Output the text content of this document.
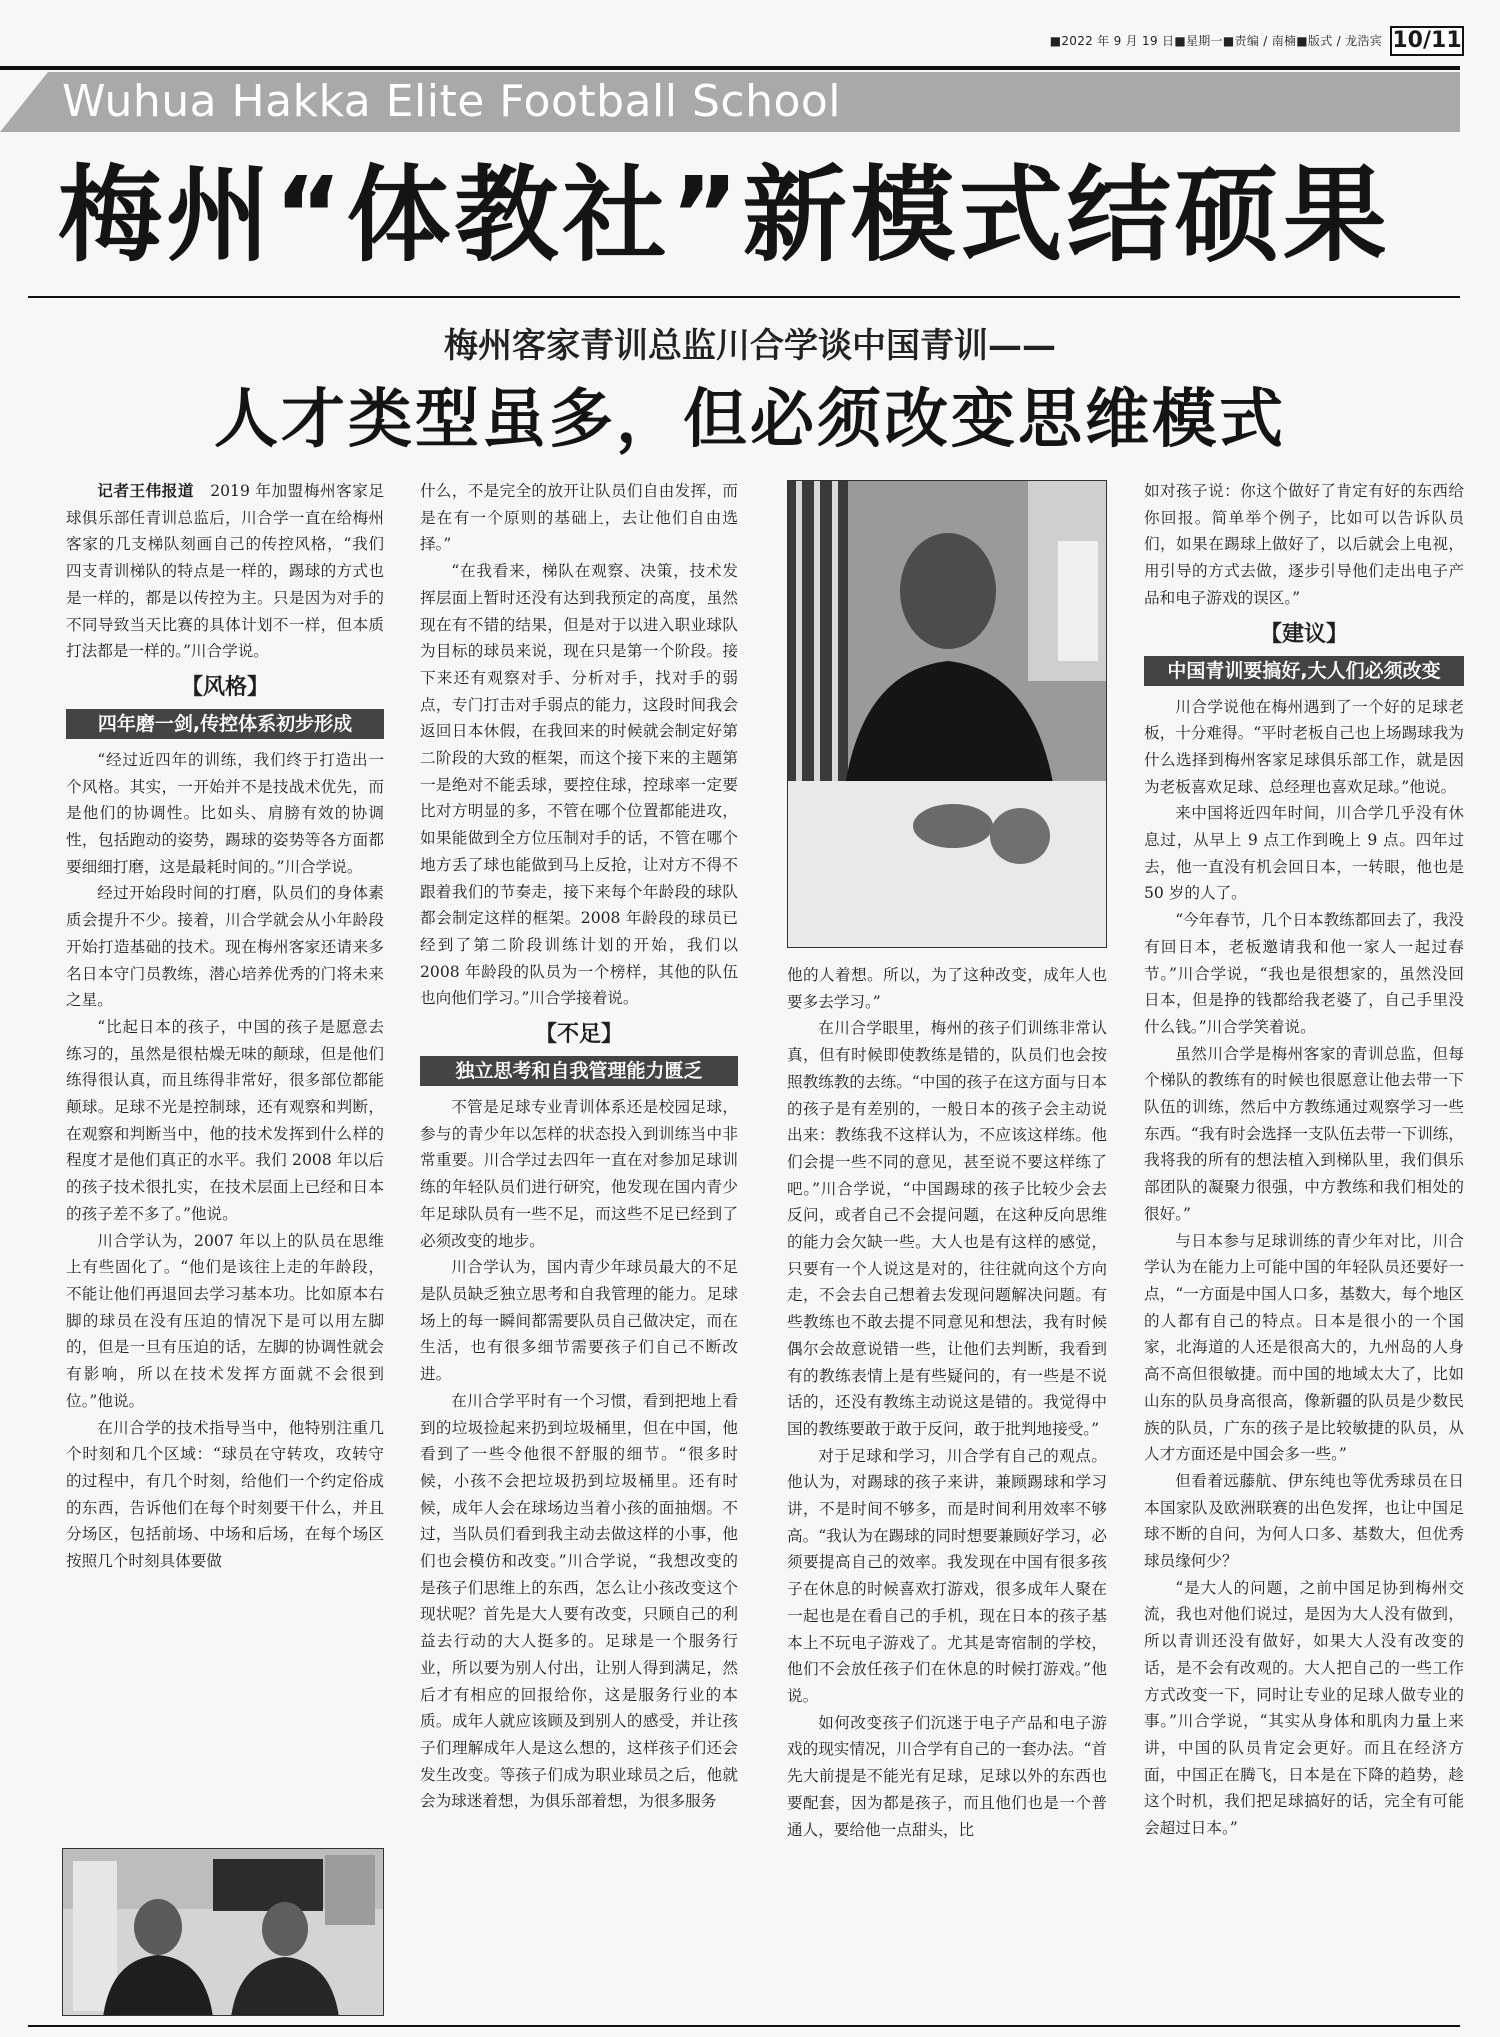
■2022 年 9 月 19 日■星期一■责编 / 南楠■版式 / 龙浩宾 10/11
Wuhua Hakka Elite Football School
梅州“体教社”新模式结硕果
梅州客家青训总监川合学谈中国青训——
人才类型虽多，但必须改变思维模式

记者王伟报道　 2019 年加盟梅州客家足球俱乐部任青训总监后，川合学一直在给梅州客家的几支梯队刻画自己的传控风格，“我们四支青训梯队的特点是一样的，踢球的方式也是一样的，都是以传控为主。只是因为对手的不同导致当天比赛的具体计划不一样，但本质打法都是一样的。”川合学说。

【风格】
四年磨一剑,传控体系初步形成

“经过近四年的训练，我们终于打造出一个风格。其实，一开始并不是技战术优先，而是他们的协调性。比如头、肩膀有效的协调性，包括跑动的姿势，踢球的姿势等各方面都要细细打磨，这是最耗时间的。”川合学说。

经过开始段时间的打磨，队员们的身体素质会提升不少。接着，川合学就会从小年龄段开始打造基础的技术。现在梅州客家还请来多名日本守门员教练，潜心培养优秀的门将未来之星。

“比起日本的孩子，中国的孩子是愿意去练习的，虽然是很枯燥无味的颠球，但是他们练得很认真，而且练得非常好，很多部位都能颠球。足球不光是控制球，还有观察和判断，在观察和判断当中，他的技术发挥到什么样的程度才是他们真正的水平。我们 2008 年以后的孩子技术很扎实，在技术层面上已经和日本的孩子差不多了。”他说。

川合学认为，2007 年以上的队员在思维上有些固化了。“他们是该往上走的年龄段，不能让他们再退回去学习基本功。比如原本右脚的球员在没有压迫的情况下是可以用左脚的，但是一旦有压迫的话，左脚的协调性就会有影响，所以在技术发挥方面就不会很到位。”他说。

在川合学的技术指导当中，他特别注重几个时刻和几个区域：“球员在守转攻，攻转守的过程中，有几个时刻，给他们一个约定俗成的东西，告诉他们在每个时刻要干什么，并且分场区，包括前场、中场和后场，在每个场区按照几个时刻具体要做

什么，不是完全的放开让队员们自由发挥，而是在有一个原则的基础上，去让他们自由选择。”

“在我看来，梯队在观察、决策，技术发挥层面上暂时还没有达到我预定的高度，虽然现在有不错的结果，但是对于以进入职业球队为目标的球员来说，现在只是第一个阶段。接下来还有观察对手、分析对手，找对手的弱点，专门打击对手弱点的能力，这段时间我会返回日本休假，在我回来的时候就会制定好第二阶段的大致的框架，而这个接下来的主题第一是绝对不能丢球，要控住球，控球率一定要比对方明显的多，不管在哪个位置都能进攻，如果能做到全方位压制对手的话，不管在哪个地方丢了球也能做到马上反抢，让对方不得不跟着我们的节奏走，接下来每个年龄段的球队都会制定这样的框架。2008 年龄段的球员已经到了第二阶段训练计划的开始，我们以 2008 年龄段的队员为一个榜样，其他的队伍也向他们学习。”川合学接着说。

【不足】
独立思考和自我管理能力匮乏

不管是足球专业青训体系还是校园足球，参与的青少年以怎样的状态投入到训练当中非常重要。川合学过去四年一直在对参加足球训练的年轻队员们进行研究，他发现在国内青少年足球队员有一些不足，而这些不足已经到了必须改变的地步。

川合学认为，国内青少年球员最大的不足是队员缺乏独立思考和自我管理的能力。足球场上的每一瞬间都需要队员自己做决定，而在生活，也有很多细节需要孩子们自己不断改进。

在川合学平时有一个习惯，看到把地上看到的垃圾捡起来扔到垃圾桶里，但在中国，他看到了一些令他很不舒服的细节。“很多时候，小孩不会把垃圾扔到垃圾桶里。还有时候，成年人会在球场边当着小孩的面抽烟。不过，当队员们看到我主动去做这样的小事，他们也会模仿和改变。”川合学说，“我想改变的是孩子们思维上的东西，怎么让小孩改变这个现状呢？首先是大人要有改变，只顾自己的利益去行动的大人挺多的。足球是一个服务行业，所以要为别人付出，让别人得到满足，然后才有相应的回报给你，这是服务行业的本质。成年人就应该顾及到别人的感受，并让孩子们理解成年人是这么想的，这样孩子们还会发生改变。等孩子们成为职业球员之后，他就会为球迷着想，为俱乐部着想，为很多服务

他的人着想。所以，为了这种改变，成年人也要多去学习。”

在川合学眼里，梅州的孩子们训练非常认真，但有时候即使教练是错的，队员们也会按照教练教的去练。“中国的孩子在这方面与日本的孩子是有差别的，一般日本的孩子会主动说出来：教练我不这样认为，不应该这样练。他们会提一些不同的意见，甚至说不要这样练了吧。”川合学说，“中国踢球的孩子比较少会去反问，或者自己不会提问题，在这种反向思维的能力会欠缺一些。大人也是有这样的感觉，只要有一个人说这是对的，往往就向这个方向走，不会去自己想着去发现问题解决问题。有些教练也不敢去提不同意见和想法，我有时候偶尔会故意说错一些，让他们去判断，我看到有的教练表情上是有些疑问的，有一些是不说话的，还没有教练主动说这是错的。我觉得中国的教练要敢于敢于反问，敢于批判地接受。”

对于足球和学习，川合学有自己的观点。他认为，对踢球的孩子来讲，兼顾踢球和学习讲，不是时间不够多，而是时间利用效率不够高。“我认为在踢球的同时想要兼顾好学习，必须要提高自己的效率。我发现在中国有很多孩子在休息的时候喜欢打游戏，很多成年人聚在一起也是在看自己的手机，现在日本的孩子基本上不玩电子游戏了。尤其是寄宿制的学校，他们不会放任孩子们在休息的时候打游戏。”他说。

如何改变孩子们沉迷于电子产品和电子游戏的现实情况，川合学有自己的一套办法。“首先大前提是不能光有足球，足球以外的东西也要配套，因为都是孩子，而且他们也是一个普通人，要给他一点甜头，比

如对孩子说：你这个做好了肯定有好的东西给你回报。简单举个例子，比如可以告诉队员们，如果在踢球上做好了，以后就会上电视，用引导的方式去做，逐步引导他们走出电子产品和电子游戏的误区。”

【建议】
中国青训要搞好,大人们必须改变

川合学说他在梅州遇到了一个好的足球老板，十分难得。“平时老板自己也上场踢球我为什么选择到梅州客家足球俱乐部工作，就是因为老板喜欢足球、总经理也喜欢足球。”他说。

来中国将近四年时间，川合学几乎没有休息过，从早上 9 点工作到晚上 9 点。四年过去，他一直没有机会回日本，一转眼，他也是 50 岁的人了。

“今年春节，几个日本教练都回去了，我没有回日本，老板邀请我和他一家人一起过春节。”川合学说，“我也是很想家的，虽然没回日本，但是挣的钱都给我老婆了，自己手里没什么钱。”川合学笑着说。

虽然川合学是梅州客家的青训总监，但每个梯队的教练有的时候也很愿意让他去带一下队伍的训练，然后中方教练通过观察学习一些东西。“我有时会选择一支队伍去带一下训练，我将我的所有的想法植入到梯队里，我们俱乐部团队的凝聚力很强，中方教练和我们相处的很好。”

与日本参与足球训练的青少年对比，川合学认为在能力上可能中国的年轻队员还要好一点，“一方面是中国人口多，基数大，每个地区的人都有自己的特点。日本是很小的一个国家，北海道的人还是很高大的，九州岛的人身高不高但很敏捷。而中国的地域太大了，比如山东的队员身高很高，像新疆的队员是少数民族的队员，广东的孩子是比较敏捷的队员，从人才方面还是中国会多一些。”

但看着远藤航、伊东纯也等优秀球员在日本国家队及欧洲联赛的出色发挥，也让中国足球不断的自问，为何人口多、基数大，但优秀球员缘何少？

“是大人的问题，之前中国足协到梅州交流，我也对他们说过，是因为大人没有做到，所以青训还没有做好，如果大人没有改变的话，是不会有改观的。大人把自己的一些工作方式改变一下，同时让专业的足球人做专业的事。”川合学说，“其实从身体和肌肉力量上来讲，中国的队员肯定会更好。而且在经济方面，中国正在腾飞，日本是在下降的趋势，趁这个时机，我们把足球搞好的话，完全有可能会超过日本。”
